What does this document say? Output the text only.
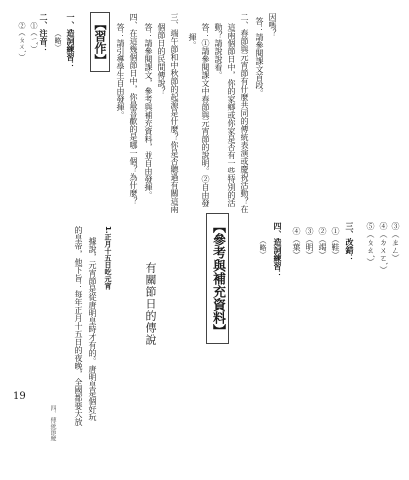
因嗎？
答：請參閱課文首段。
二、春節與元宵節有什麼共同的傳統表演或慶祝活動？在
這兩個節日中，你的家鄉或你家是否有一些特別的活
動？請說說看。
答：①請參閱課文中春節與元宵節的說明。②自由發
揮。
三、端午節和中秋節的起源是什麼？你是否聽過有關這兩
個節日的民間傳說？
答：請參閱課文，參考與補充資料，並自由發揮。
四、在這幾個節日中，你最喜歡的是哪一個？為什麼？
答：請引導學生自由發揮。
【習作】
一、造詞練習：
（略）
二、注音：
①（ㄧˇ）
②（ㄆㄨˋ）
四、傳統節慶
③（ㄓㄥ）
④（ㄉㄨㄛˋ）
⑤（ㄆㄠˊ）
三、改錯：
①（鞋）
②（竭）
③（明）
④（葉）
四、造詞練習：
（略）
【參考與補充資料】
有關節日的傳說
1.正月十五日吃元宵
據說，元宵節是從唐明皇時才有的。唐明皇是個好玩
的皇帝，他下旨：每年正月十五日的夜晚，全國都要大放
19
